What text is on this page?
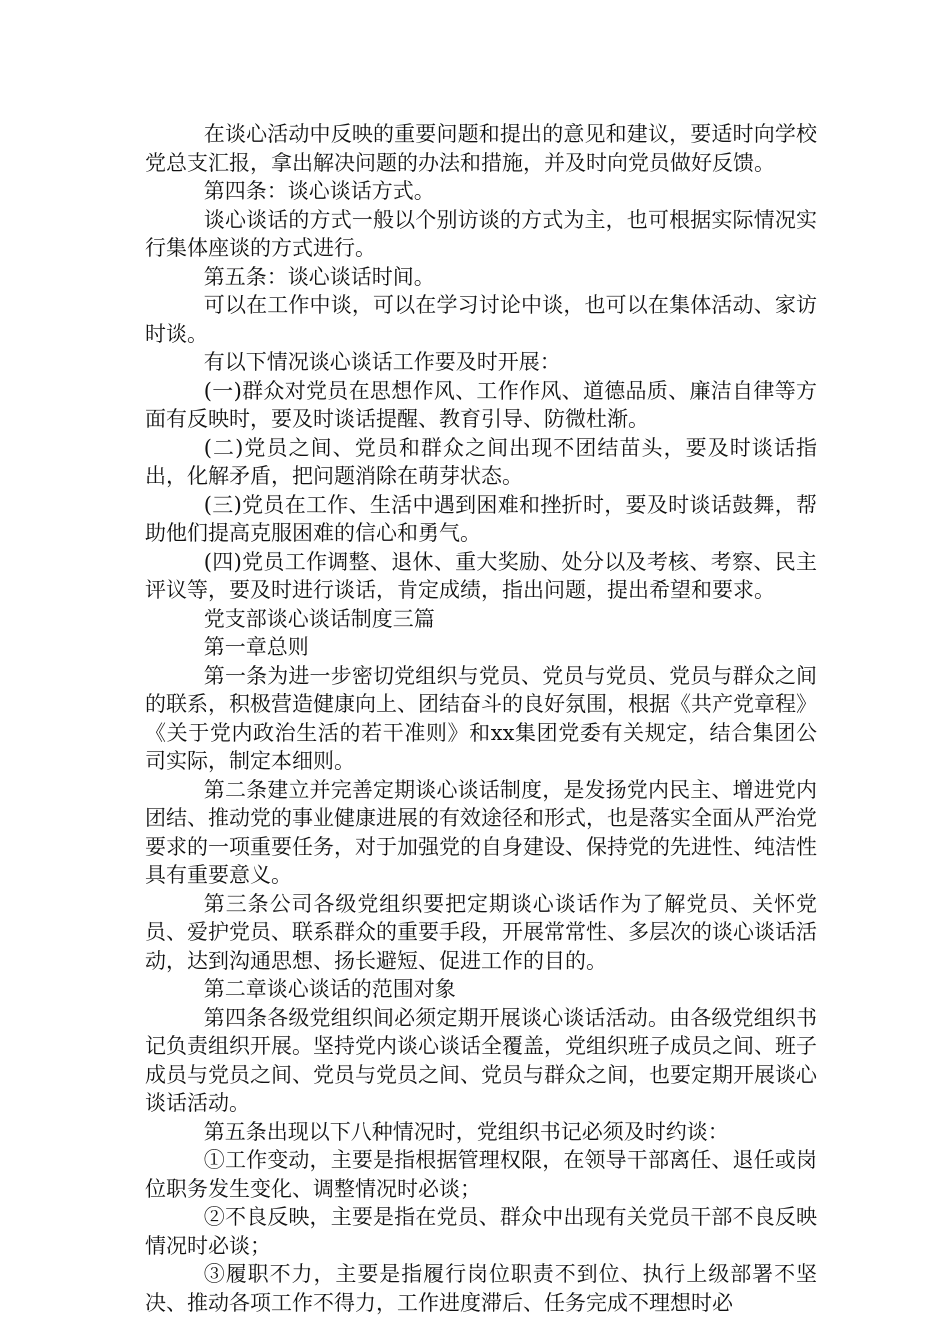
在谈心活动中反映的重要问题和提出的意见和建议，要适时向学校党总支汇报，拿出解决问题的办法和措施，并及时向党员做好反馈。

第四条：谈心谈话方式。

谈心谈话的方式一般以个别访谈的方式为主，也可根据实际情况实行集体座谈的方式进行。

第五条：谈心谈话时间。

可以在工作中谈，可以在学习讨论中谈，也可以在集体活动、家访时谈。

有以下情况谈心谈话工作要及时开展：

(一)群众对党员在思想作风、工作作风、道德品质、廉洁自律等方面有反映时，要及时谈话提醒、教育引导、防微杜渐。

(二)党员之间、党员和群众之间出现不团结苗头，要及时谈话指出，化解矛盾，把问题消除在萌芽状态。

(三)党员在工作、生活中遇到困难和挫折时，要及时谈话鼓舞，帮助他们提高克服困难的信心和勇气。

(四)党员工作调整、退休、重大奖励、处分以及考核、考察、民主评议等，要及时进行谈话，肯定成绩，指出问题，提出希望和要求。

党支部谈心谈话制度三篇

第一章总则

第一条为进一步密切党组织与党员、党员与党员、党员与群众之间的联系，积极营造健康向上、团结奋斗的良好氛围，根据《共产党章程》《关于党内政治生活的若干准则》和xx集团党委有关规定，结合集团公司实际，制定本细则。

第二条建立并完善定期谈心谈话制度，是发扬党内民主、增进党内团结、推动党的事业健康进展的有效途径和形式，也是落实全面从严治党要求的一项重要任务，对于加强党的自身建设、保持党的先进性、纯洁性具有重要意义。

第三条公司各级党组织要把定期谈心谈话作为了解党员、关怀党员、爱护党员、联系群众的重要手段，开展常常性、多层次的谈心谈话活动，达到沟通思想、扬长避短、促进工作的目的。

第二章谈心谈话的范围对象

第四条各级党组织间必须定期开展谈心谈话活动。由各级党组织书记负责组织开展。坚持党内谈心谈话全覆盖，党组织班子成员之间、班子成员与党员之间、党员与党员之间、党员与群众之间，也要定期开展谈心谈话活动。

第五条出现以下八种情况时，党组织书记必须及时约谈：

①工作变动，主要是指根据管理权限，在领导干部离任、退任或岗位职务发生变化、调整情况时必谈；

②不良反映，主要是指在党员、群众中出现有关党员干部不良反映情况时必谈；

③履职不力，主要是指履行岗位职责不到位、执行上级部署不坚决、推动各项工作不得力，工作进度滞后、任务完成不理想时必
